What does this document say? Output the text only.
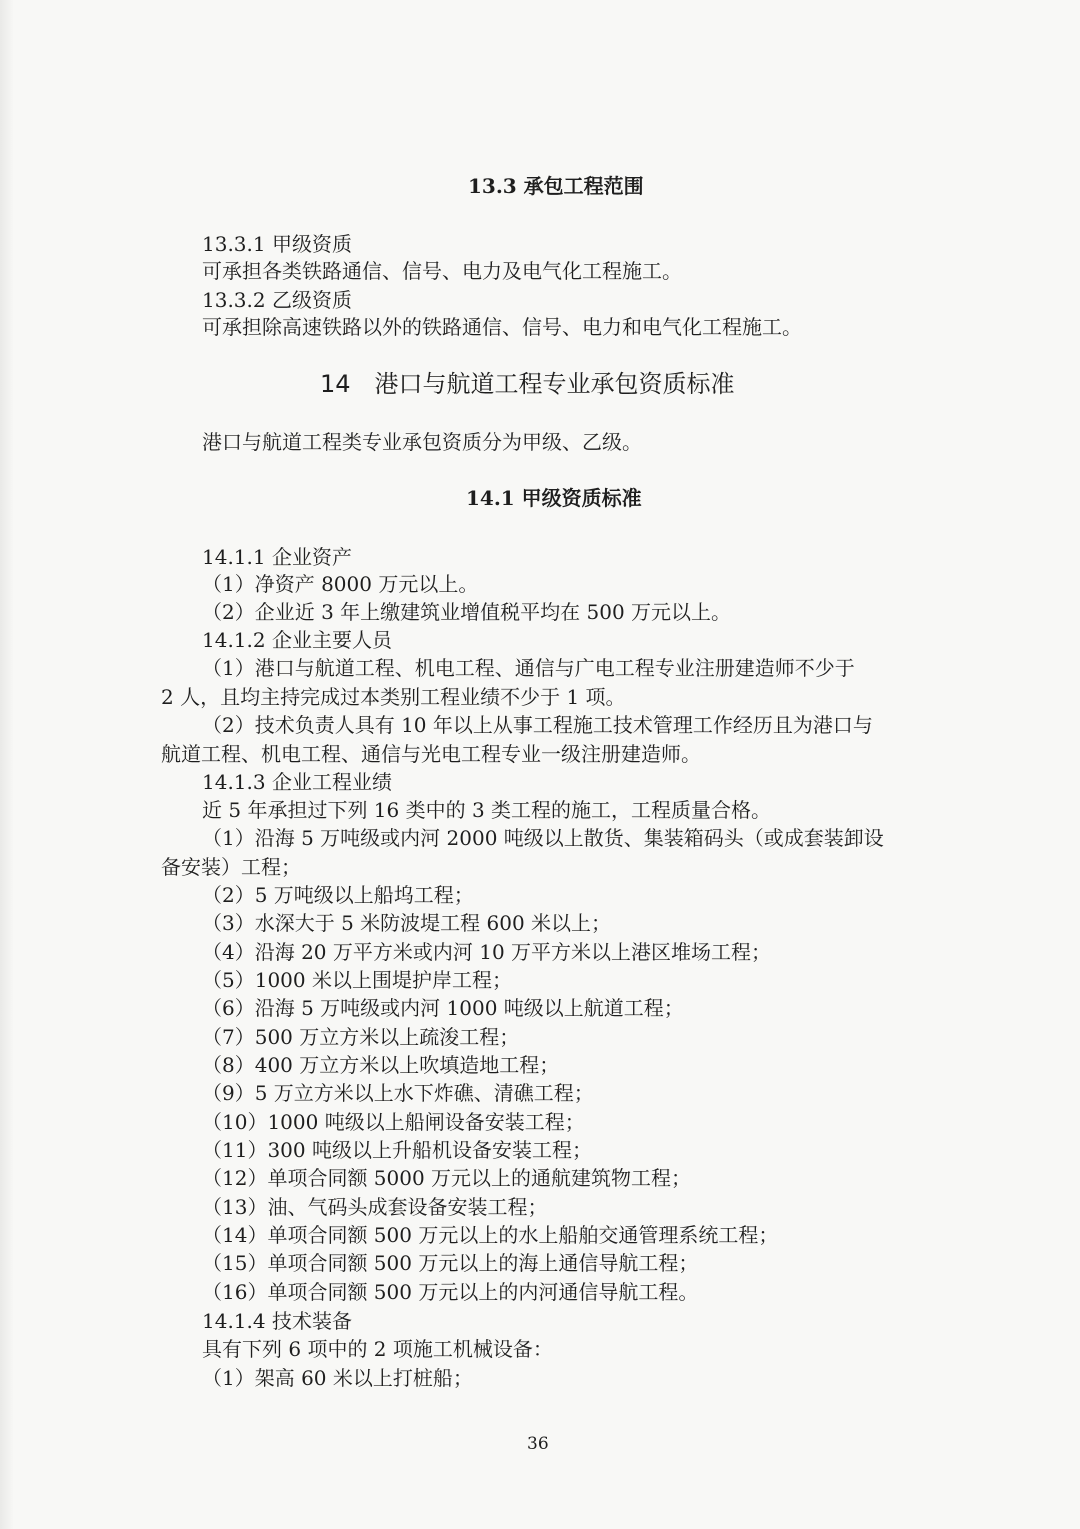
13.3 承包工程范围
13.3.1 甲级资质
可承担各类铁路通信、信号、电力及电气化工程施工。
13.3.2 乙级资质
可承担除高速铁路以外的铁路通信、信号、电力和电气化工程施工。
14　港口与航道工程专业承包资质标准
港口与航道工程类专业承包资质分为甲级、乙级。
14.1 甲级资质标准
14.1.1 企业资产
（1）净资产 8000 万元以上。
（2）企业近 3 年上缴建筑业增值税平均在 500 万元以上。
14.1.2 企业主要人员
（1）港口与航道工程、机电工程、通信与广电工程专业注册建造师不少于
2 人，且均主持完成过本类别工程业绩不少于 1 项。
（2）技术负责人具有 10 年以上从事工程施工技术管理工作经历且为港口与
航道工程、机电工程、通信与光电工程专业一级注册建造师。
14.1.3 企业工程业绩
近 5 年承担过下列 16 类中的 3 类工程的施工，工程质量合格。
（1）沿海 5 万吨级或内河 2000 吨级以上散货、集装箱码头（或成套装卸设
备安装）工程；
（2）5 万吨级以上船坞工程；
（3）水深大于 5 米防波堤工程 600 米以上；
（4）沿海 20 万平方米或内河 10 万平方米以上港区堆场工程；
（5）1000 米以上围堤护岸工程；
（6）沿海 5 万吨级或内河 1000 吨级以上航道工程；
（7）500 万立方米以上疏浚工程；
（8）400 万立方米以上吹填造地工程；
（9）5 万立方米以上水下炸礁、清礁工程；
（10）1000 吨级以上船闸设备安装工程；
（11）300 吨级以上升船机设备安装工程；
（12）单项合同额 5000 万元以上的通航建筑物工程；
（13）油、气码头成套设备安装工程；
（14）单项合同额 500 万元以上的水上船舶交通管理系统工程；
（15）单项合同额 500 万元以上的海上通信导航工程；
（16）单项合同额 500 万元以上的内河通信导航工程。
14.1.4 技术装备
具有下列 6 项中的 2 项施工机械设备：
（1）架高 60 米以上打桩船；
36
